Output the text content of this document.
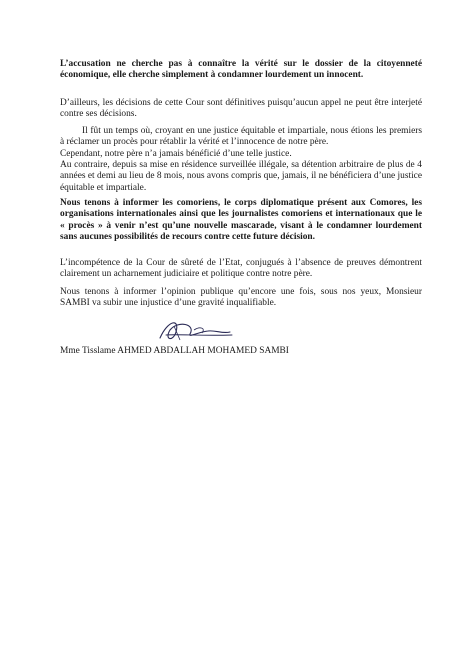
L’accusation ne cherche pas à connaître la vérité sur le dossier de la citoyenneté économique, elle cherche simplement à condamner lourdement un innocent.

D’ailleurs, les décisions de cette Cour sont définitives puisqu’aucun appel ne peut être interjeté contre ses décisions.

Il fût un temps où, croyant en une justice équitable et impartiale, nous étions les premiers à réclamer un procès pour rétablir la vérité et l’innocence de notre père.

Cependant, notre père n’a jamais bénéficié d’une telle justice.

Au contraire, depuis sa mise en résidence surveillée illégale, sa détention arbitraire de plus de 4 années et demi au lieu de 8 mois, nous avons compris que, jamais, il ne bénéficiera d’une justice équitable et impartiale.

Nous tenons à informer les comoriens, le corps diplomatique présent aux Comores, les organisations internationales ainsi que les journalistes comoriens et internationaux que le « procès » à venir n’est qu’une nouvelle mascarade, visant à le condamner lourdement sans aucunes possibilités de recours contre cette future décision.

L’incompétence de la Cour de sûreté de l’Etat, conjugués à l’absence de preuves démontrent clairement un acharnement judiciaire et politique contre notre père.

Nous tenons à informer l’opinion publique qu’encore une fois, sous nos yeux, Monsieur SAMBI va subir une injustice d’une gravité inqualifiable.

Mme Tisslame AHMED ABDALLAH MOHAMED SAMBI
